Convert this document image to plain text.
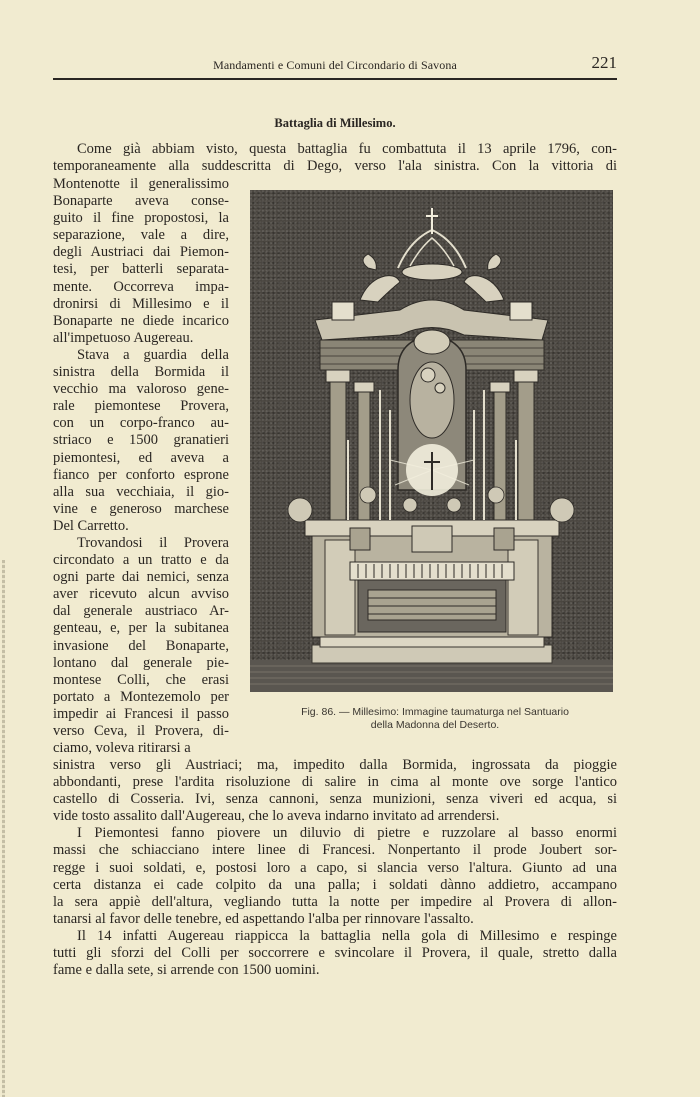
Mandamenti e Comuni del Circondario di Savona	221
Battaglia di Millesimo.
Come già abbiam visto, questa battaglia fu combattuta il 13 aprile 1796, con-
temporaneamente alla suddescritta di Dego, verso l'ala sinistra. Con la vittoria di
Montenotte il generalissimo
Bonaparte aveva conse-
guito il fine propostosi, la
separazione, vale a dire,
degli Austriaci dai Piemon-
tesi, per batterli separata-
mente. Occorreva impa-
dronirsi di Millesimo e il
Bonaparte ne diede incarico
all'impetuoso Augereau.
Stava a guardia della
sinistra della Bormida il
vecchio ma valoroso gene-
rale piemontese Provera,
con un corpo-franco au-
striaco e 1500 granatieri
piemontesi, ed aveva a
fianco per conforto esprone
alla sua vecchiaia, il gio-
vine e generoso marchese
Del Carretto.
Trovandosi il Provera
circondato a un tratto e da
ogni parte dai nemici, senza
aver ricevuto alcun avviso
dal generale austriaco Ar-
genteau, e, per la subitanea
invasione del Bonaparte,
lontano dal generale pie-
montese Colli, che erasi
portato a Montezemolo per
impedir ai Francesi il passo
verso Ceva, il Provera, di-
ciamo, voleva ritirarsi a
Fig. 86. — Millesimo: Immagine taumaturga nel Santuario
della Madonna del Deserto.
sinistra verso gli Austriaci; ma, impedito dalla Bormida, ingrossata da pioggie
abbondanti, prese l'ardita risoluzione di salire in cima al monte ove sorge l'antico
castello di Cosseria. Ivi, senza cannoni, senza munizioni, senza viveri ed acqua, si
vide tosto assalito dall'Augereau, che lo aveva indarno invitato ad arrendersi.
I Piemontesi fanno piovere un diluvio di pietre e ruzzolare al basso enormi
massi che schiacciano intere linee di Francesi. Nonpertanto il prode Joubert sor-
regge i suoi soldati, e, postosi loro a capo, si slancia verso l'altura. Giunto ad una
certa distanza ei cade colpito da una palla; i soldati dànno addietro, accampano
la sera appiè dell'altura, vegliando tutta la notte per impedire al Provera di allon-
tanarsi al favor delle tenebre, ed aspettando l'alba per rinnovare l'assalto.
Il 14 infatti Augereau riappicca la battaglia nella gola di Millesimo e respinge
tutti gli sforzi del Colli per soccorrere e svincolare il Provera, il quale, stretto dalla
fame e dalla sete, si arrende con 1500 uomini.
